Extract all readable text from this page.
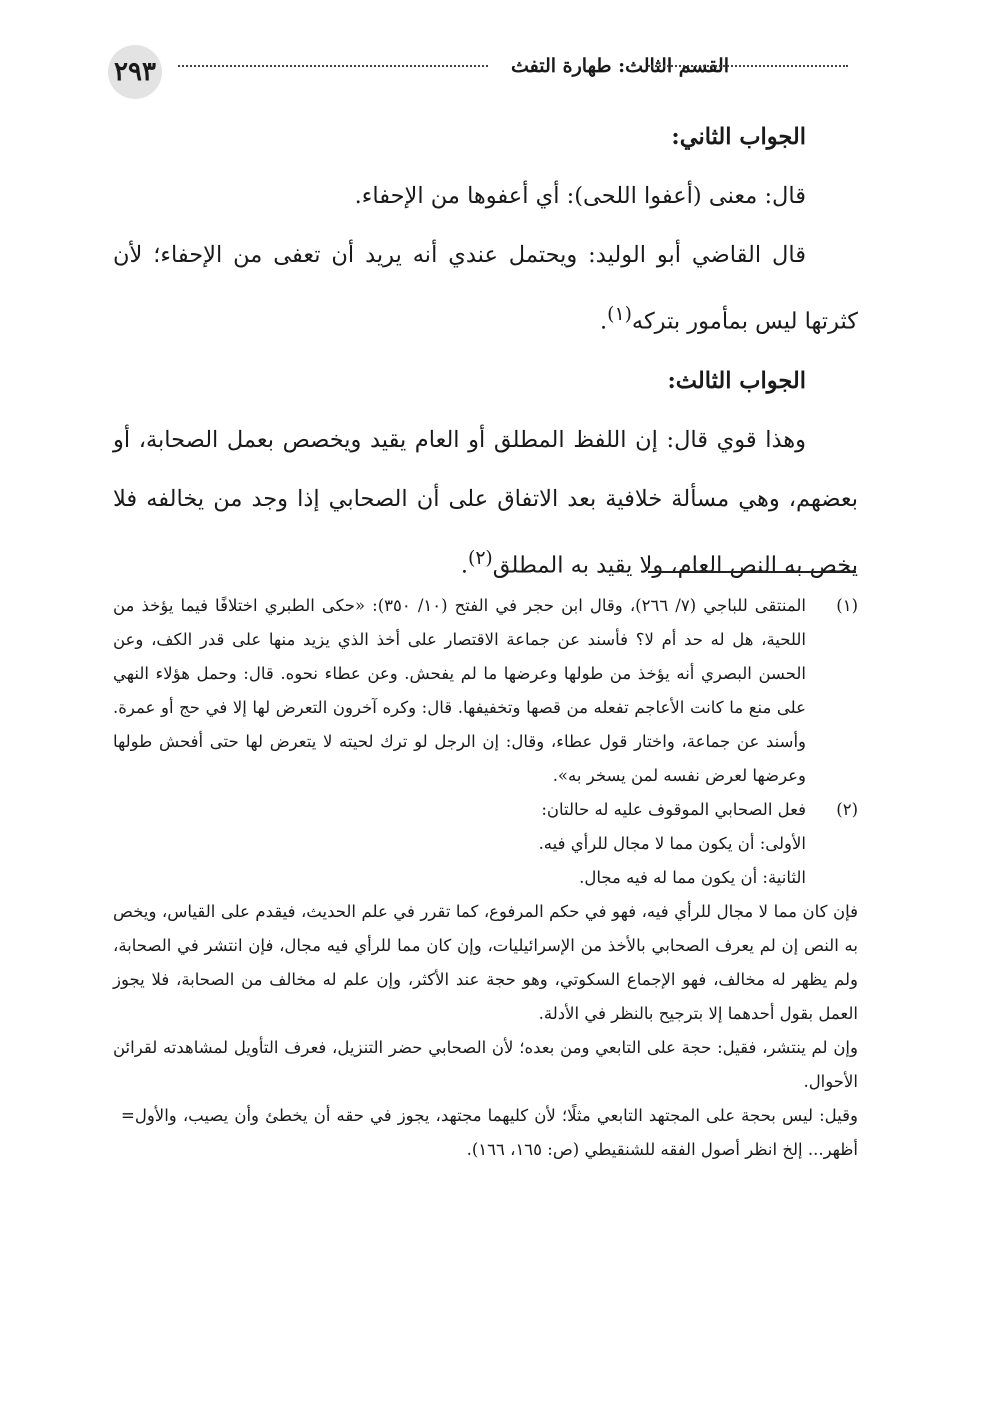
٢٩٣	القسم الثالث: طهارة التفث

الجواب الثاني:

قال: معنى (أعفوا اللحى): أي أعفوها من الإحفاء.

قال القاضي أبو الوليد: ويحتمل عندي أنه يريد أن تعفى من الإحفاء؛ لأن كثرتها ليس بمأمور بتركه$^{(١)}$.

الجواب الثالث:

وهذا قوي قال: إن اللفظ المطلق أو العام يقيد ويخصص بعمل الصحابة، أو بعضهم، وهي مسألة خلافية بعد الاتفاق على أن الصحابي إذا وجد من يخالفه فلا يخص به النص العام، ولا يقيد به المطلق$^{(٢)}$.

(١)
المنتقى للباجي (٧/ ٢٦٦)، وقال ابن حجر في الفتح (١٠/ ٣٥٠): «حكى الطبري اختلافًا فيما يؤخذ من اللحية، هل له حد أم لا؟ فأسند عن جماعة الاقتصار على أخذ الذي يزيد منها على قدر الكف، وعن الحسن البصري أنه يؤخذ من طولها وعرضها ما لم يفحش. وعن عطاء نحوه. قال: وحمل هؤلاء النهي على منع ما كانت الأعاجم تفعله من قصها وتخفيفها. قال: وكره آخرون التعرض لها إلا في حج أو عمرة. وأسند عن جماعة، واختار قول عطاء، وقال: إن الرجل لو ترك لحيته لا يتعرض لها حتى أفحش طولها وعرضها لعرض نفسه لمن يسخر به».

(٢)
فعل الصحابي الموقوف عليه له حالتان:

الأولى: أن يكون مما لا مجال للرأي فيه.

الثانية: أن يكون مما له فيه مجال.

فإن كان مما لا مجال للرأي فيه، فهو في حكم المرفوع، كما تقرر في علم الحديث، فيقدم على القياس، ويخص به النص إن لم يعرف الصحابي بالأخذ من الإسرائيليات، وإن كان مما للرأي فيه مجال، فإن انتشر في الصحابة، ولم يظهر له مخالف، فهو الإجماع السكوتي، وهو حجة عند الأكثر، وإن علم له مخالف من الصحابة، فلا يجوز العمل بقول أحدهما إلا بترجيح بالنظر في الأدلة.

وإن لم ينتشر، فقيل: حجة على التابعي ومن بعده؛ لأن الصحابي حضر التنزيل، فعرف التأويل لمشاهدته لقرائن الأحوال.

= وقيل: ليس بحجة على المجتهد التابعي مثلًا؛ لأن كليهما مجتهد، يجوز في حقه أن يخطئ وأن يصيب، والأول أظهر... إلخ انظر أصول الفقه للشنقيطي (ص: ١٦٥، ١٦٦).
